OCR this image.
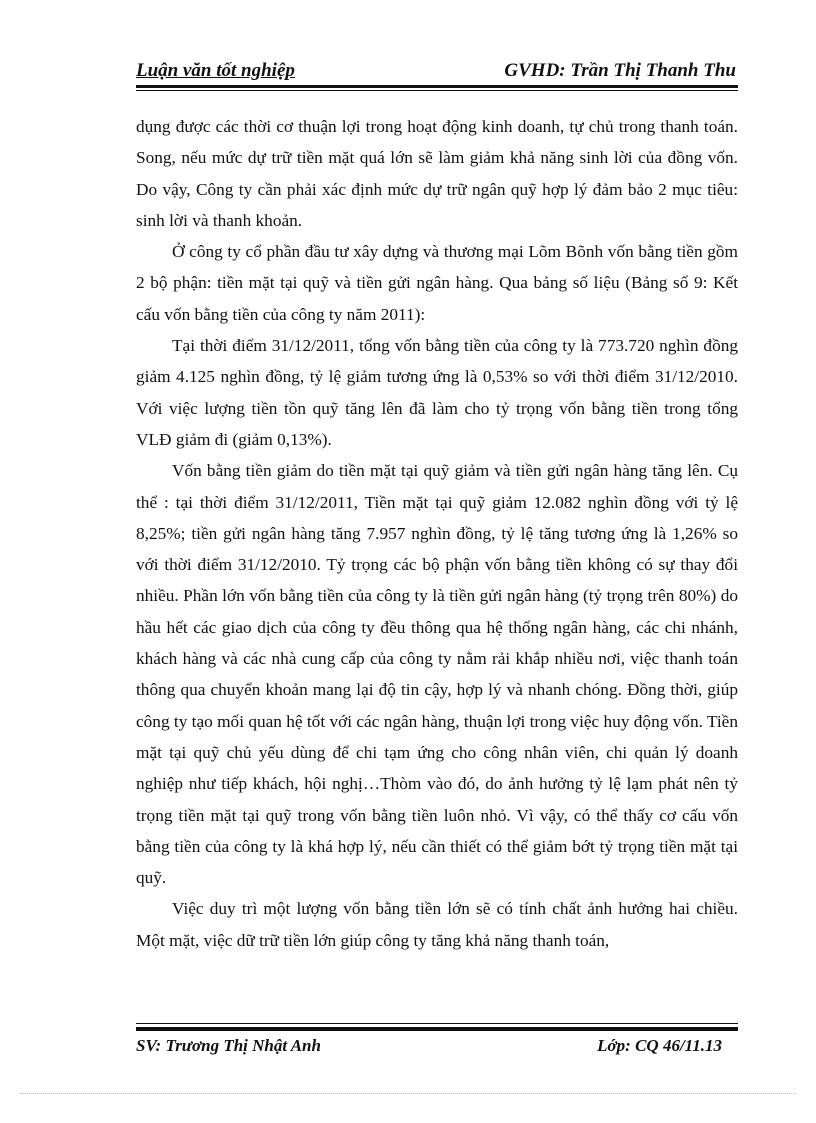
Luận văn tốt nghiệp	GVHD: Trần Thị Thanh Thu

dụng được các thời cơ thuận lợi trong hoạt động kinh doanh, tự chủ trong thanh toán. Song, nếu mức dự trữ tiền mặt quá lớn sẽ làm giảm khả năng sinh lời của đồng vốn. Do vậy, Công ty cần phải xác định mức dự trữ ngân quỹ hợp lý đảm bảo 2 mục tiêu: sinh lời và thanh khoản.

Ở công ty cổ phần đầu tư xây dựng và thương mại Lõm Bõnh vốn bằng tiền gồm 2 bộ phận: tiền mặt tại quỹ và tiền gửi ngân hàng. Qua bảng số liệu (Bảng số 9: Kết cấu vốn bằng tiền của công ty năm 2011):

Tại thời điểm 31/12/2011, tổng vốn bằng tiền của công ty là 773.720 nghìn đồng giảm 4.125 nghìn đồng, tỷ lệ giảm tương ứng là 0,53% so với thời điểm 31/12/2010. Với việc lượng tiền tồn quỹ tăng lên đã làm cho tỷ trọng vốn bằng tiền trong tổng VLĐ giảm đi (giảm 0,13%).

Vốn bằng tiền giảm do tiền mặt tại quỹ giảm và tiền gửi ngân hàng tăng lên. Cụ thể : tại thời điểm 31/12/2011, Tiền mặt tại quỹ giảm 12.082 nghìn đồng với tỷ lệ 8,25%; tiền gửi ngân hàng tăng 7.957 nghìn đồng, tỷ lệ tăng tương ứng là 1,26% so với thời điểm 31/12/2010. Tỷ trọng các bộ phận vốn bằng tiền không có sự thay đổi nhiều. Phần lớn vốn bằng tiền của công ty là tiền gửi ngân hàng (tỷ trọng trên 80%) do hầu hết các giao dịch của công ty đều thông qua hệ thống ngân hàng, các chi nhánh, khách hàng và các nhà cung cấp của công ty nằm rải khắp nhiều nơi, việc thanh toán thông qua chuyển khoản mang lại độ tin cậy, hợp lý và nhanh chóng. Đồng thời, giúp công ty tạo mối quan hệ tốt với các ngân hàng, thuận lợi trong việc huy động vốn. Tiền mặt tại quỹ chủ yếu dùng để chi tạm ứng cho công nhân viên, chi quản lý doanh nghiệp như tiếp khách, hội nghị…Thòm vào đó, do ảnh hưởng tỷ lệ lạm phát nên tỷ trọng tiền mặt tại quỹ trong vốn bằng tiền luôn nhỏ. Vì vậy, có thể thấy cơ cấu vốn bằng tiền của công ty là khá hợp lý, nếu cần thiết có thể giảm bớt tỷ trọng tiền mặt tại quỹ.

Việc duy trì một lượng vốn bằng tiền lớn sẽ có tính chất ảnh hưởng hai chiều. Một mặt, việc dữ trữ tiền lớn giúp công ty tăng khả năng thanh toán,

SV: Trương Thị Nhật Anh	Lớp: CQ 46/11.13
